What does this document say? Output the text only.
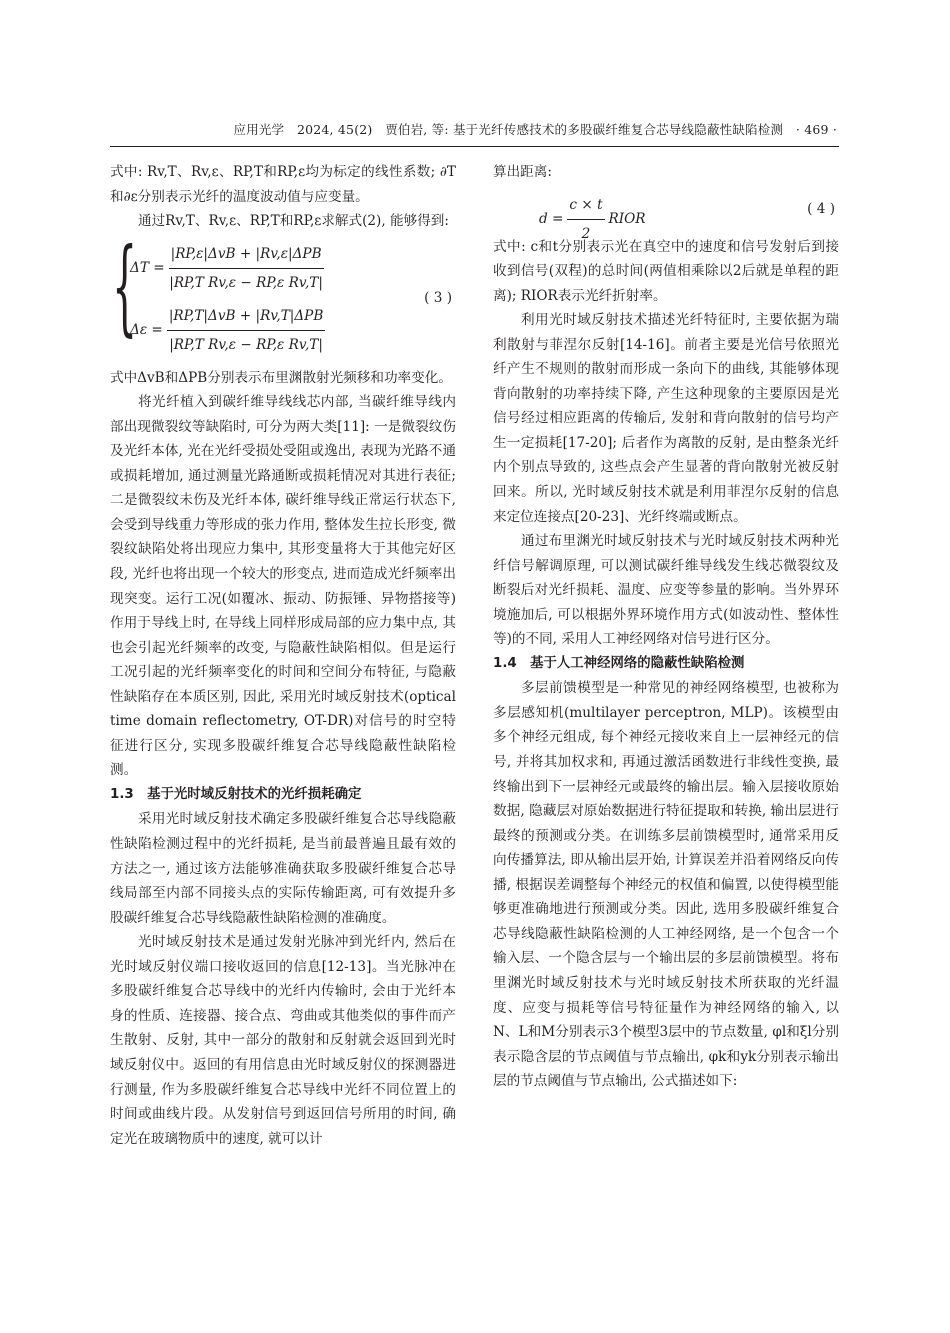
应用光学　2024, 45(2)　贾伯岩, 等: 基于光纤传感技术的多股碳纤维复合芯导线隐蔽性缺陷检测　· 469 ·

式中: Rv,T、Rv,ε、RP,T和RP,ε均为标定的线性系数; ∂T和∂ε分别表示光纤的温度波动值与应变量。

通过Rv,T、Rv,ε、RP,T和RP,ε求解式(2), 能够得到:

{
$\Delta T = \frac{\text{|RP,ε|ΔvB + |Rv,ε|ΔPB}}{\text{|RP,T Rv,ε − RP,ε Rv,T|}}$
$\Delta\varepsilon = \frac{\text{|RP,T|ΔvB + |Rv,T|ΔPB}}{\text{|RP,T Rv,ε − RP,ε Rv,T|}}$
( 3 )

式中ΔvB和ΔPB分别表示布里渊散射光频移和功率变化。

将光纤植入到碳纤维导线线芯内部, 当碳纤维导线内部出现微裂纹等缺陷时, 可分为两大类[11]: 一是微裂纹伤及光纤本体, 光在光纤受损处受阻或逸出, 表现为光路不通或损耗增加, 通过测量光路通断或损耗情况对其进行表征; 二是微裂纹未伤及光纤本体, 碳纤维导线正常运行状态下, 会受到导线重力等形成的张力作用, 整体发生拉长形变, 微裂纹缺陷处将出现应力集中, 其形变量将大于其他完好区段, 光纤也将出现一个较大的形变点, 进而造成光纤频率出现突变。运行工况(如覆冰、振动、防振锤、异物搭接等)作用于导线上时, 在导线上同样形成局部的应力集中点, 其也会引起光纤频率的改变, 与隐蔽性缺陷相似。但是运行工况引起的光纤频率变化的时间和空间分布特征, 与隐蔽性缺陷存在本质区别, 因此, 采用光时域反射技术(optical time domain reflectometry, OT-DR)对信号的时空特征进行区分, 实现多股碳纤维复合芯导线隐蔽性缺陷检测。

1.3　基于光时域反射技术的光纤损耗确定

采用光时域反射技术确定多股碳纤维复合芯导线隐蔽性缺陷检测过程中的光纤损耗, 是当前最普遍且最有效的方法之一, 通过该方法能够准确获取多股碳纤维复合芯导线局部至内部不同接头点的实际传输距离, 可有效提升多股碳纤维复合芯导线隐蔽性缺陷检测的准确度。

光时域反射技术是通过发射光脉冲到光纤内, 然后在光时域反射仪端口接收返回的信息[12-13]。当光脉冲在多股碳纤维复合芯导线中的光纤内传输时, 会由于光纤本身的性质、连接器、接合点、弯曲或其他类似的事件而产生散射、反射, 其中一部分的散射和反射就会返回到光时域反射仪中。返回的有用信息由光时域反射仪的探测器进行测量, 作为多股碳纤维复合芯导线中光纤不同位置上的时间或曲线片段。从发射信号到返回信号所用的时间, 确定光在玻璃物质中的速度, 就可以计

算出距离:

$d = \frac{c \times t}{2}$ RIOR
( 4 )

式中: c和t分别表示光在真空中的速度和信号发射后到接收到信号(双程)的总时间(两值相乘除以2后就是单程的距离); RIOR表示光纤折射率。

利用光时域反射技术描述光纤特征时, 主要依据为瑞利散射与菲涅尔反射[14-16]。前者主要是光信号依照光纤产生不规则的散射而形成一条向下的曲线, 其能够体现背向散射的功率持续下降, 产生这种现象的主要原因是光信号经过相应距离的传输后, 发射和背向散射的信号均产生一定损耗[17-20]; 后者作为离散的反射, 是由整条光纤内个别点导致的, 这些点会产生显著的背向散射光被反射回来。所以, 光时域反射技术就是利用菲涅尔反射的信息来定位连接点[20-23]、光纤终端或断点。

通过布里渊光时域反射技术与光时域反射技术两种光纤信号解调原理, 可以测试碳纤维导线发生线芯微裂纹及断裂后对光纤损耗、温度、应变等参量的影响。当外界环境施加后, 可以根据外界环境作用方式(如波动性、整体性等)的不同, 采用人工神经网络对信号进行区分。

1.4　基于人工神经网络的隐蔽性缺陷检测

多层前馈模型是一种常见的神经网络模型, 也被称为多层感知机(multilayer perceptron, MLP)。该模型由多个神经元组成, 每个神经元接收来自上一层神经元的信号, 并将其加权求和, 再通过激活函数进行非线性变换, 最终输出到下一层神经元或最终的输出层。输入层接收原始数据, 隐藏层对原始数据进行特征提取和转换, 输出层进行最终的预测或分类。在训练多层前馈模型时, 通常采用反向传播算法, 即从输出层开始, 计算误差并沿着网络反向传播, 根据误差调整每个神经元的权值和偏置, 以使得模型能够更准确地进行预测或分类。因此, 选用多股碳纤维复合芯导线隐蔽性缺陷检测的人工神经网络, 是一个包含一个输入层、一个隐含层与一个输出层的多层前馈模型。将布里渊光时域反射技术与光时域反射技术所获取的光纤温度、应变与损耗等信号特征量作为神经网络的输入, 以N、L和M分别表示3个模型3层中的节点数量, φl和ξl分别表示隐含层的节点阈值与节点输出, φk和yk分别表示输出层的节点阈值与节点输出, 公式描述如下:
